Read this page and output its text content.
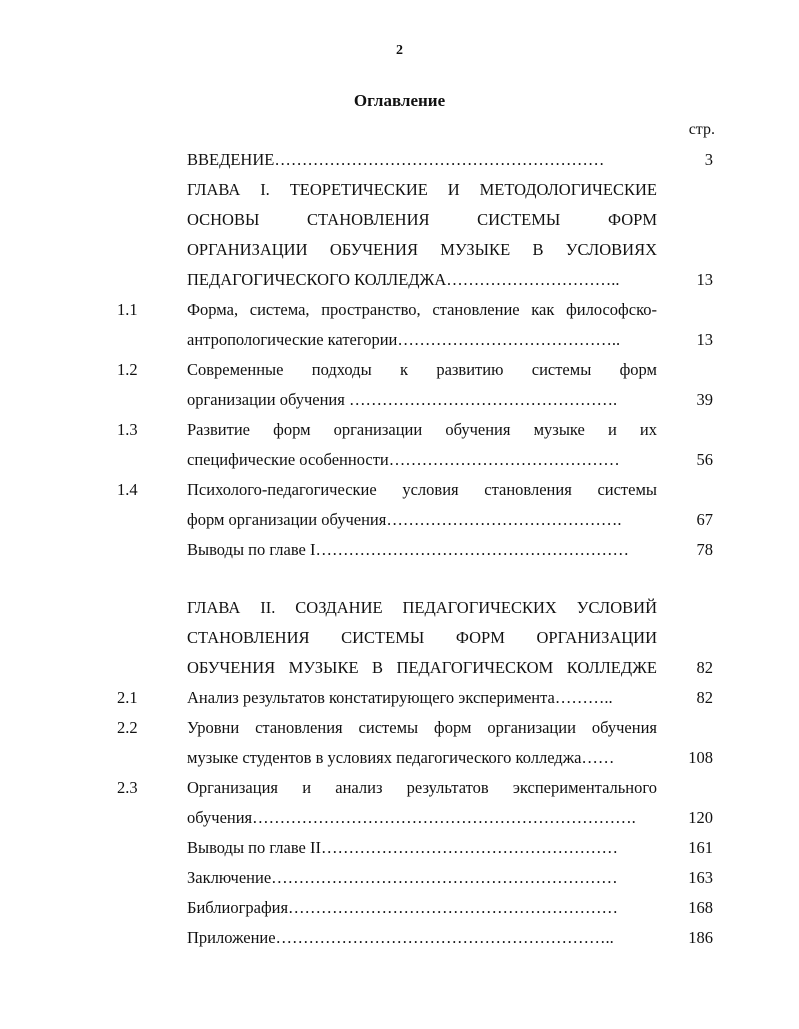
2
Оглавление
стр.
ВВЕДЕНИЕ……………………………………………………	3
ГЛАВА I. ТЕОРЕТИЧЕСКИЕ И МЕТОДОЛОГИЧЕСКИЕ
ОСНОВЫ СТАНОВЛЕНИЯ СИСТЕМЫ ФОРМ
ОРГАНИЗАЦИИ ОБУЧЕНИЯ МУЗЫКЕ В УСЛОВИЯХ
ПЕДАГОГИЧЕСКОГО КОЛЛЕДЖА…………………………..	13
1.1	Форма, система, пространство, становление как философско-
антропологические категории…………………………………..	13
1.2	Современные подходы к развитию системы форм
организации обучения ………………………………………….	39
1.3	Развитие форм организации обучения музыке и их
специфические особенности……………………………………	56
1.4	Психолого-педагогические условия становления системы
форм организации обучения…………………………………….	67
Выводы по главе I…………………………………………………	78
ГЛАВА II. СОЗДАНИЕ ПЕДАГОГИЧЕСКИХ УСЛОВИЙ
СТАНОВЛЕНИЯ СИСТЕМЫ ФОРМ ОРГАНИЗАЦИИ
ОБУЧЕНИЯ МУЗЫКЕ В ПЕДАГОГИЧЕСКОМ КОЛЛЕДЖЕ	82
2.1	Анализ результатов констатирующего эксперимента………..	82
2.2	Уровни становления системы форм организации обучения
музыке студентов в условиях педагогического колледжа……	108
2.3	Организация и анализ результатов экспериментального
обучения…………………………………………………………….	120
Выводы по главе II………………………………………………	161
Заключение………………………………………………………	163
Библиография……………………………………………………	168
Приложение……………………………………………………..	186
